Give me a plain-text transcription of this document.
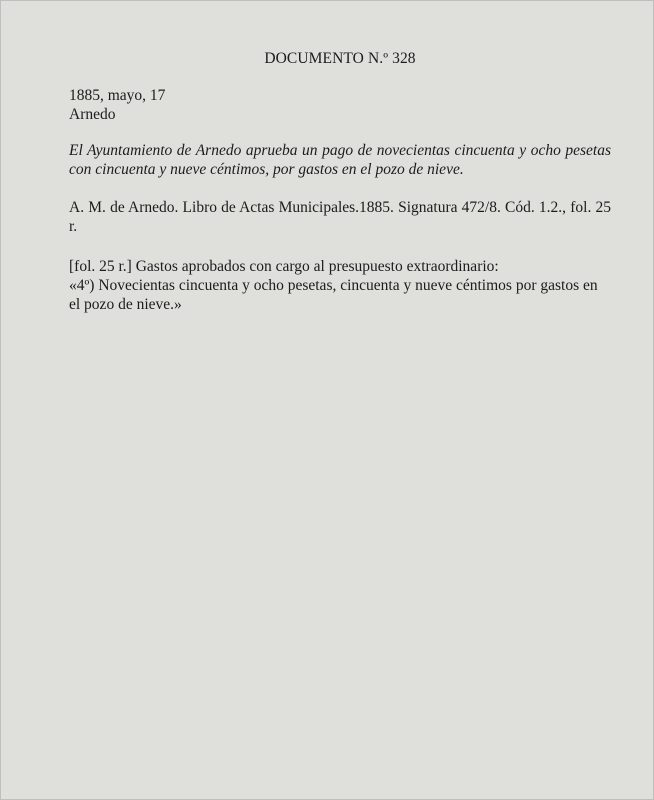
DOCUMENTO N.º 328

1885, mayo, 17

Arnedo

El Ayuntamiento de Arnedo aprueba un pago de novecientas cincuenta y ocho pesetas con cincuenta y nueve céntimos, por gastos en el pozo de nieve.

A. M. de Arnedo. Libro de Actas Municipales.1885. Signatura 472/8. Cód. 1.2., fol. 25 r.

[fol. 25 r.] Gastos aprobados con cargo al presupuesto extraordinario:

«4º) Novecientas cincuenta y ocho pesetas, cincuenta y nueve céntimos por gastos en el pozo de nieve.»
